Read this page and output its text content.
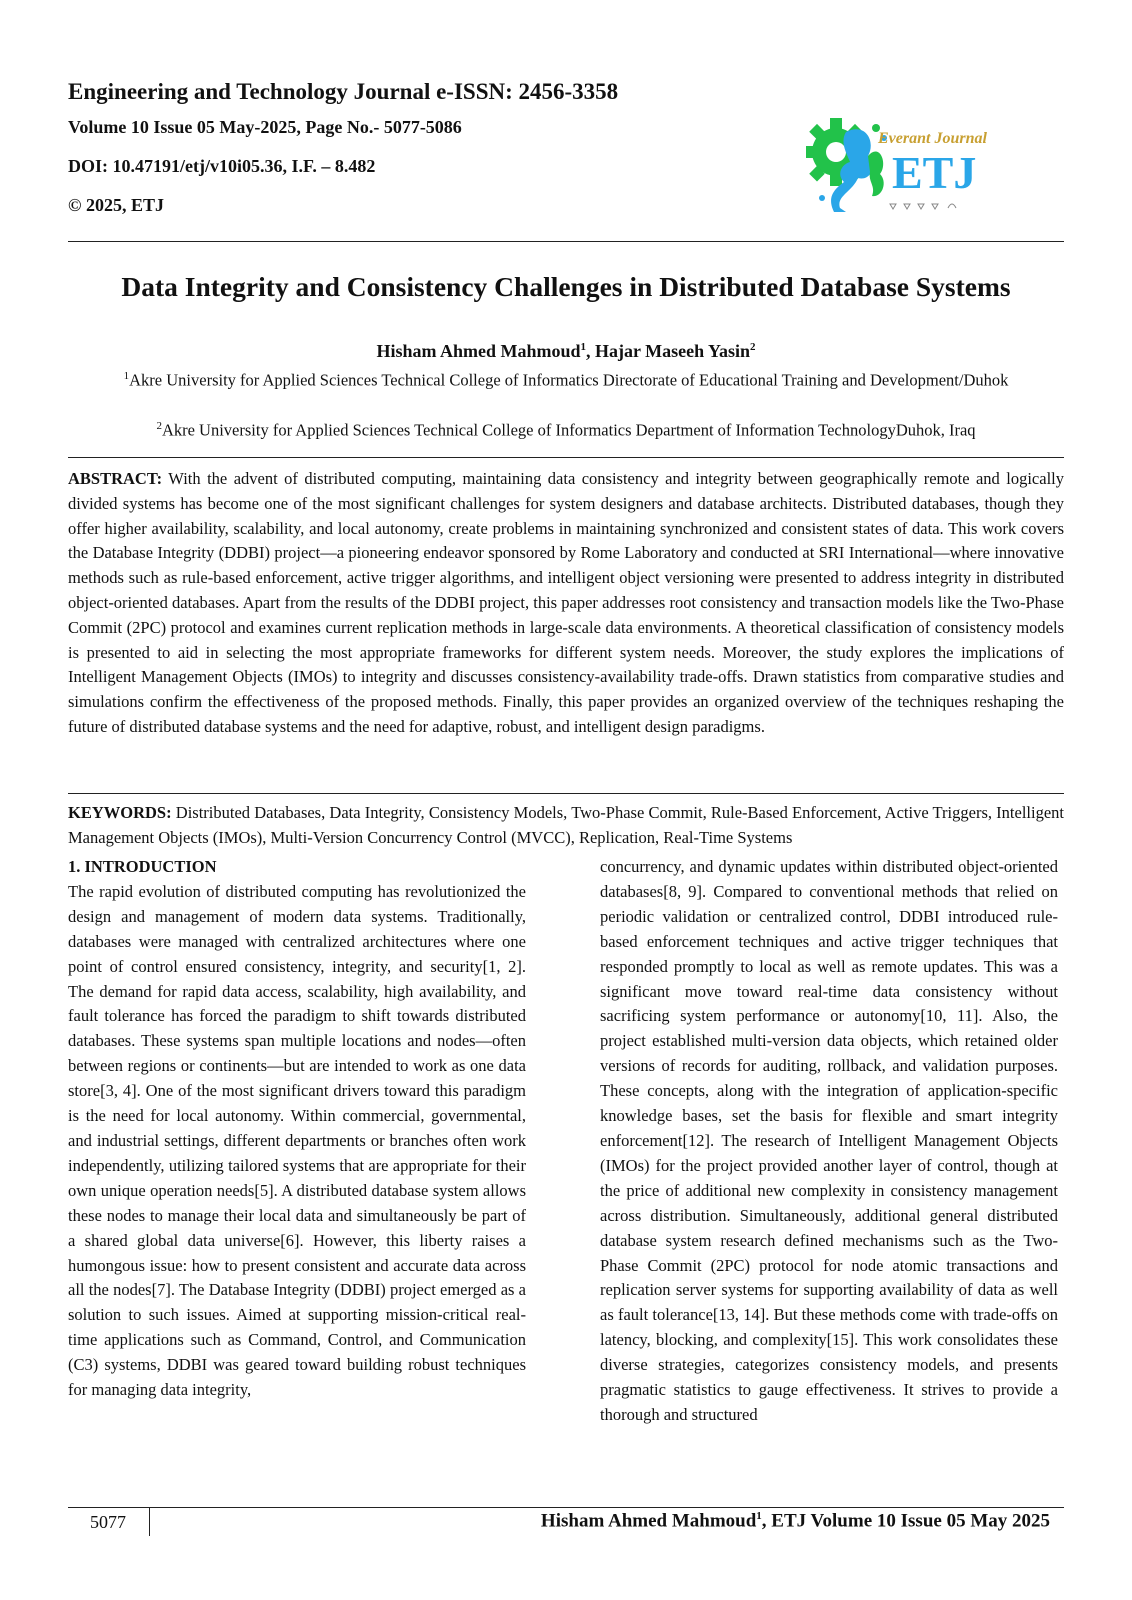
Engineering and Technology Journal e-ISSN: 2456-3358
Volume 10 Issue 05 May-2025, Page No.- 5077-5086
DOI: 10.47191/etj/v10i05.36, I.F. – 8.482
© 2025, ETJ
Everant Journal
ETJ
Data Integrity and Consistency Challenges in Distributed Database Systems
Hisham Ahmed Mahmoud$^1$, Hajar Maseeh Yasin$^2$
$^1$Akre University for Applied Sciences Technical College of Informatics Directorate of Educational Training and Development/Duhok
$^2$Akre University for Applied Sciences Technical College of Informatics Department of Information TechnologyDuhok, Iraq
ABSTRACT: With the advent of distributed computing, maintaining data consistency and integrity between geographically remote and logically divided systems has become one of the most significant challenges for system designers and database architects. Distributed databases, though they offer higher availability, scalability, and local autonomy, create problems in maintaining synchronized and consistent states of data. This work covers the Database Integrity (DDBI) project—a pioneering endeavor sponsored by Rome Laboratory and conducted at SRI International—where innovative methods such as rule-based enforcement, active trigger algorithms, and intelligent object versioning were presented to address integrity in distributed object-oriented databases. Apart from the results of the DDBI project, this paper addresses root consistency and transaction models like the Two-Phase Commit (2PC) protocol and examines current replication methods in large-scale data environments. A theoretical classification of consistency models is presented to aid in selecting the most appropriate frameworks for different system needs. Moreover, the study explores the implications of Intelligent Management Objects (IMOs) to integrity and discusses consistency-availability trade-offs. Drawn statistics from comparative studies and simulations confirm the effectiveness of the proposed methods. Finally, this paper provides an organized overview of the techniques reshaping the future of distributed database systems and the need for adaptive, robust, and intelligent design paradigms.
KEYWORDS: Distributed Databases, Data Integrity, Consistency Models, Two-Phase Commit, Rule-Based Enforcement, Active Triggers, Intelligent Management Objects (IMOs), Multi-Version Concurrency Control (MVCC), Replication, Real-Time Systems
1. INTRODUCTION
The rapid evolution of distributed computing has revolutionized the design and management of modern data systems. Traditionally, databases were managed with centralized architectures where one point of control ensured consistency, integrity, and security[1, 2]. The demand for rapid data access, scalability, high availability, and fault tolerance has forced the paradigm to shift towards distributed databases. These systems span multiple locations and nodes—often between regions or continents—but are intended to work as one data store[3, 4]. One of the most significant drivers toward this paradigm is the need for local autonomy. Within commercial, governmental, and industrial settings, different departments or branches often work independently, utilizing tailored systems that are appropriate for their own unique operation needs[5]. A distributed database system allows these nodes to manage their local data and simultaneously be part of a shared global data universe[6]. However, this liberty raises a humongous issue: how to present consistent and accurate data across all the nodes[7]. The Database Integrity (DDBI) project emerged as a solution to such issues. Aimed at supporting mission-critical real-time applications such as Command, Control, and Communication (C3) systems, DDBI was geared toward building robust techniques for managing data integrity,
concurrency, and dynamic updates within distributed object-oriented databases[8, 9]. Compared to conventional methods that relied on periodic validation or centralized control, DDBI introduced rule-based enforcement techniques and active trigger techniques that responded promptly to local as well as remote updates. This was a significant move toward real-time data consistency without sacrificing system performance or autonomy[10, 11]. Also, the project established multi-version data objects, which retained older versions of records for auditing, rollback, and validation purposes. These concepts, along with the integration of application-specific knowledge bases, set the basis for flexible and smart integrity enforcement[12]. The research of Intelligent Management Objects (IMOs) for the project provided another layer of control, though at the price of additional new complexity in consistency management across distribution. Simultaneously, additional general distributed database system research defined mechanisms such as the Two-Phase Commit (2PC) protocol for node atomic transactions and replication server systems for supporting availability of data as well as fault tolerance[13, 14]. But these methods come with trade-offs on latency, blocking, and complexity[15]. This work consolidates these diverse strategies, categorizes consistency models, and presents pragmatic statistics to gauge effectiveness. It strives to provide a thorough and structured
5077	Hisham Ahmed Mahmoud$^1$, ETJ Volume 10 Issue 05 May 2025
